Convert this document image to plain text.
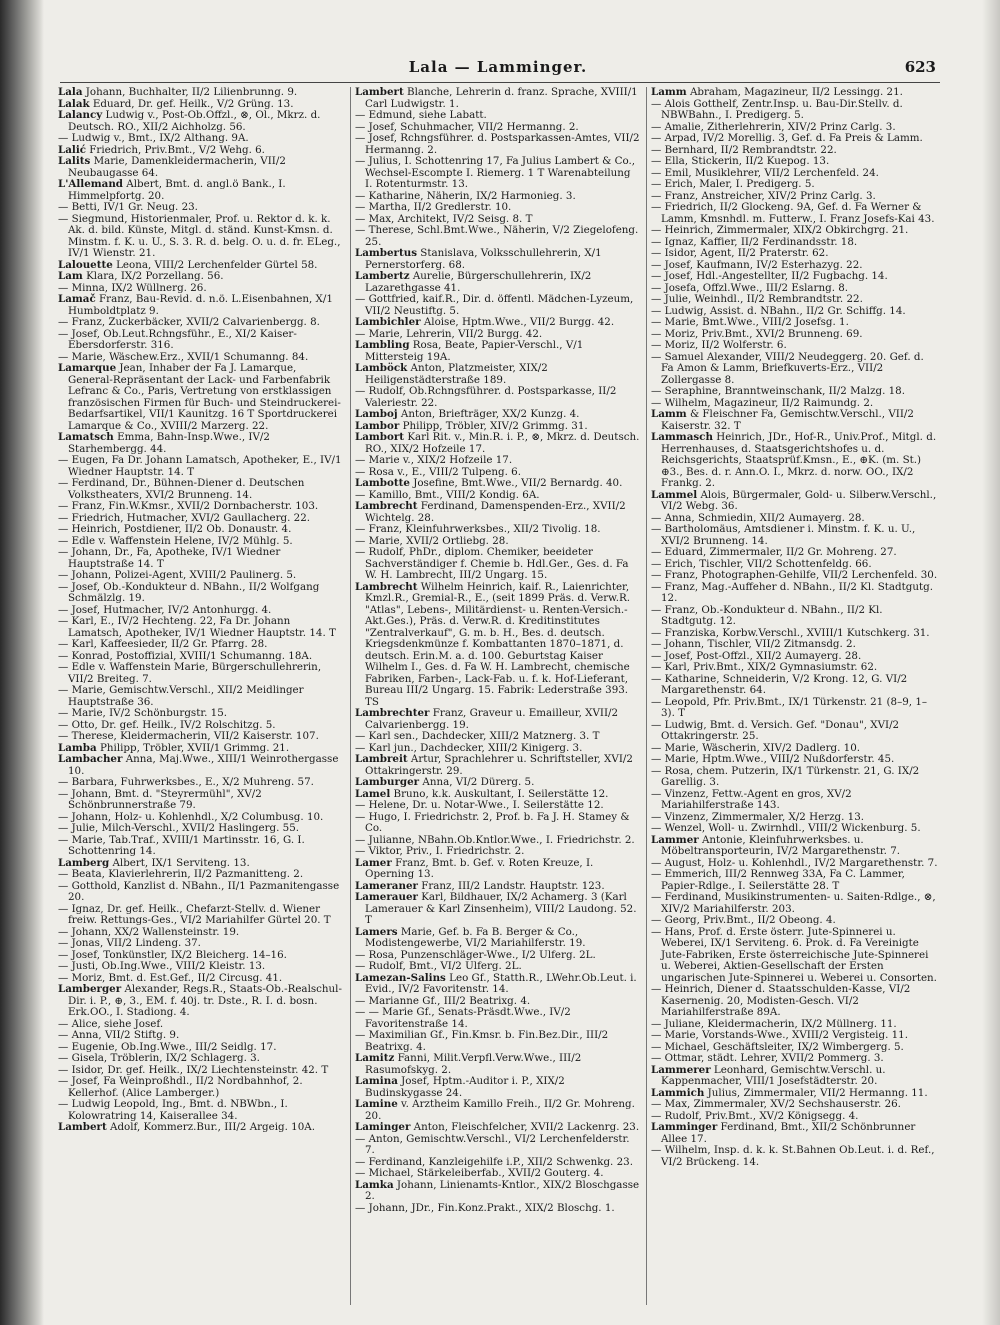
Lala — Lamminger.	623

Lala Johann, Buchhalter, II/2 Lilienbrunng. 9.

Lalak Eduard, Dr. gef. Heilk., V/2 Grüng. 13.

Lalancy Ludwig v., Post-Ob.Offzl., ⊗, Ol., Mkrz. d. Deutsch. RO., XII/2 Aichholzg. 56.

— Ludwig v., Bmt., IX/2 Althang. 9A.

Lalić Friedrich, Priv.Bmt., V/2 Wehg. 6.

Lalits Marie, Damenkleidermacherin, VII/2 Neubaugasse 64.

L'Allemand Albert, Bmt. d. angl.ö Bank., I. Himmelpfortg. 20.

— Betti, IV/1 Gr. Neug. 23.

— Siegmund, Historienmaler, Prof. u. Rektor d. k. k. Ak. d. bild. Künste, Mitgl. d. ständ. Kunst-Kmsn. d. Minstm. f. K. u. U., S. 3. R. d. belg. O. u. d. fr. ELeg., IV/1 Wienstr. 21.

Lalouette Leona, VIII/2 Lerchenfelder Gürtel 58.

Lam Klara, IX/2 Porzellang. 56.

— Minna, IX/2 Wüllnerg. 26.

Lamač Franz, Bau-Revid. d. n.ö. L.Eisenbahnen, X/1 Humboldtplatz 9.

— Franz, Zuckerbäcker, XVII/2 Calvarienbergg. 8.

— Josef, Ob.Leut.Rchngsführ., E., XI/2 Kaiser-Ebersdorferstr. 316.

— Marie, Wäschew.Erz., XVII/1 Schumanng. 84.

Lamarque Jean, Inhaber der Fa J. Lamarque, General-Repräsentant der Lack- und Farbenfabrik Lefranc & Co., Paris, Vertretung von erstklassigen französischen Firmen für Buch- und Steindruckerei-Bedarfsartikel, VII/1 Kaunitzg. 16 T Sportdruckerei Lamarque & Co., XVIII/2 Marzerg. 22.

Lamatsch Emma, Bahn-Insp.Wwe., IV/2 Starhembergg. 44.

— Eugen, Fa Dr. Johann Lamatsch, Apotheker, E., IV/1 Wiedner Hauptstr. 14. T

— Ferdinand, Dr., Bühnen-Diener d. Deutschen Volkstheaters, XVI/2 Brunneng. 14.

— Franz, Fin.W.Kmsr., XVII/2 Dornbacherstr. 103.

— Friedrich, Hutmacher, XVI/2 Gaullacherg. 22.

— Heinrich, Postdiener, II/2 Ob. Donaustr. 4.

— Edle v. Waffenstein Helene, IV/2 Mühlg. 5.

— Johann, Dr., Fa, Apotheke, IV/1 Wiedner Hauptstraße 14. T

— Johann, Polizei-Agent, XVIII/2 Paulinerg. 5.

— Josef, Ob.-Kondukteur d. NBahn., II/2 Wolfgang Schmälzlg. 19.

— Josef, Hutmacher, IV/2 Antonhurgg. 4.

— Karl, E., IV/2 Hechteng. 22, Fa Dr. Johann Lamatsch, Apotheker, IV/1 Wiedner Hauptstr. 14. T

— Karl, Kaffeesieder, II/2 Gr. Pfarrg. 28.

— Konrad, Postoffizial, XVIII/1 Schumanng. 18A.

— Edle v. Waffenstein Marie, Bürgerschullehrerin, VII/2 Breiteg. 7.

— Marie, Gemischtw.Verschl., XII/2 Meidlinger Hauptstraße 36.

— Marie, IV/2 Schönburgstr. 15.

— Otto, Dr. gef. Heilk., IV/2 Rolschitzg. 5.

— Therese, Kleidermacherin, VII/2 Kaiserstr. 107.

Lamba Philipp, Tröbler, XVII/1 Grimmg. 21.

Lambacher Anna, Maj.Wwe., XIII/1 Weinrothergasse 10.

— Barbara, Fuhrwerksbes., E., X/2 Muhreng. 57.

— Johann, Bmt. d. "Steyrermühl", XV/2 Schönbrunnerstraße 79.

— Johann, Holz- u. Kohlenhdl., X/2 Columbusg. 10.

— Julie, Milch-Verschl., XVII/2 Haslingerg. 55.

— Marie, Tab.Traf., XVIII/1 Martinsstr. 16, G. I. Schottenring 14.

Lamberg Albert, IX/1 Serviteng. 13.

— Beata, Klavierlehrerin, II/2 Pazmanitteng. 2.

— Gotthold, Kanzlist d. NBahn., II/1 Pazmanitengasse 20.

— Ignaz, Dr. gef. Heilk., Chefarzt-Stellv. d. Wiener freiw. Rettungs-Ges., VI/2 Mariahilfer Gürtel 20. T

— Johann, XX/2 Wallensteinstr. 19.

— Jonas, VII/2 Lindeng. 37.

— Josef, Tonkünstler, IX/2 Bleicherg. 14–16.

— Justi, Ob.Ing.Wwe., VIII/2 Kleistr. 13.

— Moriz, Bmt. d. Est.Gef., II/2 Circusg. 41.

Lamberger Alexander, Regs.R., Staats-Ob.-Realschul-Dir. i. P., ⊕, 3., EM. f. 40j. tr. Dste., R. I. d. bosn. Erk.OO., I. Stadiong. 4.

— Alice, siehe Josef.

— Anna, VII/2 Stiftg. 9.

— Eugenie, Ob.Ing.Wwe., III/2 Seidlg. 17.

— Gisela, Tröblerin, IX/2 Schlagerg. 3.

— Isidor, Dr. gef. Heilk., IX/2 Liechtensteinstr. 42. T

— Josef, Fa Weinproßhdl., II/2 Nordbahnhof, 2. Kellerhof. (Alice Lamberger.)

— Ludwig Leopold, Ing., Bmt. d. NBWbn., I. Kolowratring 14, Kaiserallee 34.

Lambert Adolf, Kommerz.Bur., III/2 Argeig. 10A.

Lambert Blanche, Lehrerin d. franz. Sprache, XVIII/1 Carl Ludwigstr. 1.

— Edmund, siehe Labatt.

— Josef, Schuhmacher, VII/2 Hermanng. 2.

— Josef, Rchngsführer. d. Postsparkassen-Amtes, VII/2 Hermanng. 2.

— Julius, I. Schottenring 17, Fa Julius Lambert & Co., Wechsel-Escompte I. Riemerg. 1 T Warenabteilung I. Rotenturmstr. 13.

— Katharine, Näherin, IX/2 Harmonieg. 3.

— Martha, II/2 Gredlerstr. 10.

— Max, Architekt, IV/2 Seisg. 8. T

— Therese, Schl.Bmt.Wwe., Näherin, V/2 Ziegelofeng. 25.

Lambertus Stanislava, Volksschullehrerin, X/1 Pernerstorferg. 68.

Lambertz Aurelie, Bürgerschullehrerin, IX/2 Lazarethgasse 41.

— Gottfried, kaif.R., Dir. d. öffentl. Mädchen-Lyzeum, VII/2 Neustiftg. 5.

Lambichler Aloise, Hptm.Wwe., VII/2 Burgg. 42.

— Marie, Lehrerin, VII/2 Burgg. 42.

Lambling Rosa, Beate, Papier-Verschl., V/1 Mittersteig 19A.

Lamböck Anton, Platzmeister, XIX/2 Heiligenstädterstraße 189.

— Rudolf, Ob.Rchngsführer. d. Postsparkasse, II/2 Valeriestr. 22.

Lamboj Anton, Briefträger, XX/2 Kunzg. 4.

Lambor Philipp, Tröbler, XIV/2 Grimmg. 31.

Lambort Karl Rit. v., Min.R. i. P., ⊗, Mkrz. d. Deutsch. RO., XIX/2 Hofzeile 17.

— Marie v., XIX/2 Hofzeile 17.

— Rosa v., E., VIII/2 Tulpeng. 6.

Lambotte Josefine, Bmt.Wwe., VII/2 Bernardg. 40.

— Kamillo, Bmt., VIII/2 Kondig. 6A.

Lambrecht Ferdinand, Damenspenden-Erz., XVII/2 Wichtelg. 28.

— Franz, Kleinfuhrwerksbes., XII/2 Tivolig. 18.

— Marie, XVII/2 Ortliebg. 28.

— Rudolf, PhDr., diplom. Chemiker, beeideter Sachverständiger f. Chemie b. Hdl.Ger., Ges. d. Fa W. H. Lambrecht, III/2 Ungarg. 15.

Lambrecht Wilhelm Heinrich, kaif. R., Laienrichter, Kmzl.R., Gremial-R., E., (seit 1899 Präs. d. Verw.R. "Atlas", Lebens-, Militärdienst- u. Renten-Versich.-Akt.Ges.), Präs. d. Verw.R. d. Kreditinstitutes "Zentralverkauf", G. m. b. H., Bes. d. deutsch. Kriegsdenkmünze f. Kombattanten 1870–1871, d. deutsch. Erin.M. a. d. 100. Geburtstag Kaiser Wilhelm I., Ges. d. Fa W. H. Lambrecht, chemische Fabriken, Farben-, Lack-Fab. u. f. k. Hof-Lieferant, Bureau III/2 Ungarg. 15. Fabrik: Lederstraße 393. TS

Lambrechter Franz, Graveur u. Emailleur, XVII/2 Calvarienbergg. 19.

— Karl sen., Dachdecker, XIII/2 Matznerg. 3. T

— Karl jun., Dachdecker, XIII/2 Kinigerg. 3.

Lambreit Artur, Sprachlehrer u. Schriftsteller, XVI/2 Ottakringerstr. 29.

Lamburger Anna, VI/2 Dürerg. 5.

Lamel Bruno, k.k. Auskultant, I. Seilerstätte 12.

— Helene, Dr. u. Notar-Wwe., I. Seilerstätte 12.

— Hugo, I. Friedrichstr. 2, Prof. b. Fa J. H. Stamey & Co.

— Julianne, NBahn.Ob.Kntlor.Wwe., I. Friedrichstr. 2.

— Viktor, Priv., I. Friedrichstr. 2.

Lamer Franz, Bmt. b. Gef. v. Roten Kreuze, I. Operning 13.

Lameraner Franz, III/2 Landstr. Hauptstr. 123.

Lamerauer Karl, Bildhauer, IX/2 Achamerg. 3 (Karl Lamerauer & Karl Zinsenheim), VIII/2 Laudong. 52. T

Lamers Marie, Gef. b. Fa B. Berger & Co., Modistengewerbe, VI/2 Mariahilferstr. 19.

— Rosa, Punzenschläger-Wwe., I/2 Ulferg. 2L.

— Rudolf, Bmt., VI/2 Ulferg. 2L.

Lamezan-Salins Leo Gf., Statth.R., LWehr.Ob.Leut. i. Evid., IV/2 Favoritenstr. 14.

— Marianne Gf., III/2 Beatrixg. 4.

— — Marie Gf., Senats-Präsdt.Wwe., IV/2 Favoritenstraße 14.

— Maximilian Gf., Fin.Kmsr. b. Fin.Bez.Dir., III/2 Beatrixg. 4.

Lamitz Fanni, Milit.Verpfl.Verw.Wwe., III/2 Rasumofskyg. 2.

Lamina Josef, Hptm.-Auditor i. P., XIX/2 Budinskygasse 24.

Lamine v. Arztheim Kamillo Freih., II/2 Gr. Mohreng. 20.

Laminger Anton, Fleischfelcher, XVII/2 Lackenrg. 23.

— Anton, Gemischtw.Verschl., VI/2 Lerchenfelderstr. 7.

— Ferdinand, Kanzleigehilfe i.P., XII/2 Schwenkg. 23.

— Michael, Stärkeleiberfab., XVII/2 Gouterg. 4.

Lamka Johann, Linienamts-Kntlor., XIX/2 Bloschgasse 2.

— Johann, JDr., Fin.Konz.Prakt., XIX/2 Bloschg. 1.

Lamm Abraham, Magazineur, II/2 Lessingg. 21.

— Alois Gotthelf, Zentr.Insp. u. Bau-Dir.Stellv. d. NBWBahn., I. Predigerg. 5.

— Amalie, Zitherlehrerin, XIV/2 Prinz Carlg. 3.

— Arpad, IV/2 Morellig. 3, Gef. d. Fa Preis & Lamm.

— Bernhard, II/2 Rembrandtstr. 22.

— Ella, Stickerin, II/2 Kuepog. 13.

— Emil, Musiklehrer, VII/2 Lerchenfeld. 24.

— Erich, Maler, I. Predigerg. 5.

— Franz, Anstreicher, XIV/2 Prinz Carlg. 3.

— Friedrich, II/2 Glockeng. 9A, Gef. d. Fa Werner & Lamm, Kmsnhdl. m. Futterw., I. Franz Josefs-Kai 43.

— Heinrich, Zimmermaler, XIX/2 Obkirchgrg. 21.

— Ignaz, Kaffier, II/2 Ferdinandsstr. 18.

— Isidor, Agent, II/2 Praterstr. 62.

— Josef, Kaufmann, IV/2 Esterhazyg. 22.

— Josef, Hdl.-Angestellter, II/2 Fugbachg. 14.

— Josefa, Offzl.Wwe., III/2 Eslarng. 8.

— Julie, Weinhdl., II/2 Rembrandtstr. 22.

— Ludwig, Assist. d. NBahn., II/2 Gr. Schiffg. 14.

— Marie, Bmt.Wwe., VIII/2 Josefsg. 1.

— Moriz, Priv.Bmt., XVI/2 Brunneng. 69.

— Moriz, II/2 Wolferstr. 6.

— Samuel Alexander, VIII/2 Neudeggerg. 20. Gef. d. Fa Amon & Lamm, Briefkuverts-Erz., VII/2 Zollergasse 8.

— Seraphine, Branntweinschank, II/2 Malzg. 18.

— Wilhelm, Magazineur, II/2 Raimundg. 2.

Lamm & Fleischner Fa, Gemischtw.Verschl., VII/2 Kaiserstr. 32. T

Lammasch Heinrich, JDr., Hof-R., Univ.Prof., Mitgl. d. Herrenhauses, d. Staatsgerichtshofes u. d. Reichsgerichts, Staatsprüf.Kmsn., E., ⊕K. (m. St.) ⊕3., Bes. d. r. Ann.O. I., Mkrz. d. norw. OO., IX/2 Frankg. 2.

Lammel Alois, Bürgermaler, Gold- u. Silberw.Verschl., VI/2 Webg. 36.

— Anna, Schmiedin, XII/2 Aumayerg. 28.

— Bartholomäus, Amtsdiener i. Minstm. f. K. u. U., XVI/2 Brunneng. 14.

— Eduard, Zimmermaler, II/2 Gr. Mohreng. 27.

— Erich, Tischler, VII/2 Schottenfeldg. 66.

— Franz, Photographen-Gehilfe, VII/2 Lerchenfeld. 30.

— Franz, Mag.-Auffeher d. NBahn., II/2 Kl. Stadtgutg. 12.

— Franz, Ob.-Kondukteur d. NBahn., II/2 Kl. Stadtgutg. 12.

— Franziska, Korbw.Verschl., XVIII/1 Kutschkerg. 31.

— Johann, Tischler, VII/2 Zitmansdg. 2.

— Josef, Post-Offzl., XII/2 Aumayerg. 28.

— Karl, Priv.Bmt., XIX/2 Gymnasiumstr. 62.

— Katharine, Schneiderin, V/2 Krong. 12, G. VI/2 Margarethenstr. 64.

— Leopold, Pfr. Priv.Bmt., IX/1 Türkenstr. 21 (8–9, 1–3). T

— Ludwig, Bmt. d. Versich. Gef. "Donau", XVI/2 Ottakringerstr. 25.

— Marie, Wäscherin, XIV/2 Dadlerg. 10.

— Marie, Hptm.Wwe., VIII/2 Nußdorferstr. 45.

— Rosa, chem. Putzerin, IX/1 Türkenstr. 21, G. IX/2 Garellig. 3.

— Vinzenz, Fettw.-Agent en gros, XV/2 Mariahilferstraße 143.

— Vinzenz, Zimmermaler, X/2 Herzg. 13.

— Wenzel, Woll- u. Zwirnhdl., VIII/2 Wickenburg. 5.

Lammer Antonie, Kleinfuhrwerksbes. u. Möbeltransporteurin, IV/2 Margarethenstr. 7.

— August, Holz- u. Kohlenhdl., IV/2 Margarethenstr. 7.

— Emmerich, III/2 Rennweg 33A, Fa C. Lammer, Papier-Rdlge., I. Seilerstätte 28. T

— Ferdinand, Musikinstrumenten- u. Saiten-Rdlge., ⊗, XIV/2 Mariahilferstr. 203.

— Georg, Priv.Bmt., II/2 Obeong. 4.

— Hans, Prof. d. Erste österr. Jute-Spinnerei u. Weberei, IX/1 Serviteng. 6. Prok. d. Fa Vereinigte Jute-Fabriken, Erste österreichische Jute-Spinnerei u. Weberei, Aktien-Gesellschaft der Ersten ungarischen Jute-Spinnerei u. Weberei u. Consorten.

— Heinrich, Diener d. Staatsschulden-Kasse, VI/2 Kasernenig. 20, Modisten-Gesch. VI/2 Mariahilferstraße 89A.

— Juliane, Kleidermacherin, IX/2 Müllnerg. 11.

— Marie, Vorstands-Wwe., XVIII/2 Vergisteig. 11.

— Michael, Geschäftsleiter, IX/2 Wimbergerg. 5.

— Ottmar, städt. Lehrer, XVII/2 Pommerg. 3.

Lammerer Leonhard, Gemischtw.Verschl. u. Kappenmacher, VIII/1 Josefstädterstr. 20.

Lammich Julius, Zimmermaler, VII/2 Hermanng. 11.

— Max, Zimmermaler, XV/2 Sechshauserstr. 26.

— Rudolf, Priv.Bmt., XV/2 Königsegg. 4.

Lamminger Ferdinand, Bmt., XII/2 Schönbrunner Allee 17.

— Wilhelm, Insp. d. k. k. St.Bahnen Ob.Leut. i. d. Ref., VI/2 Brückeng. 14.
